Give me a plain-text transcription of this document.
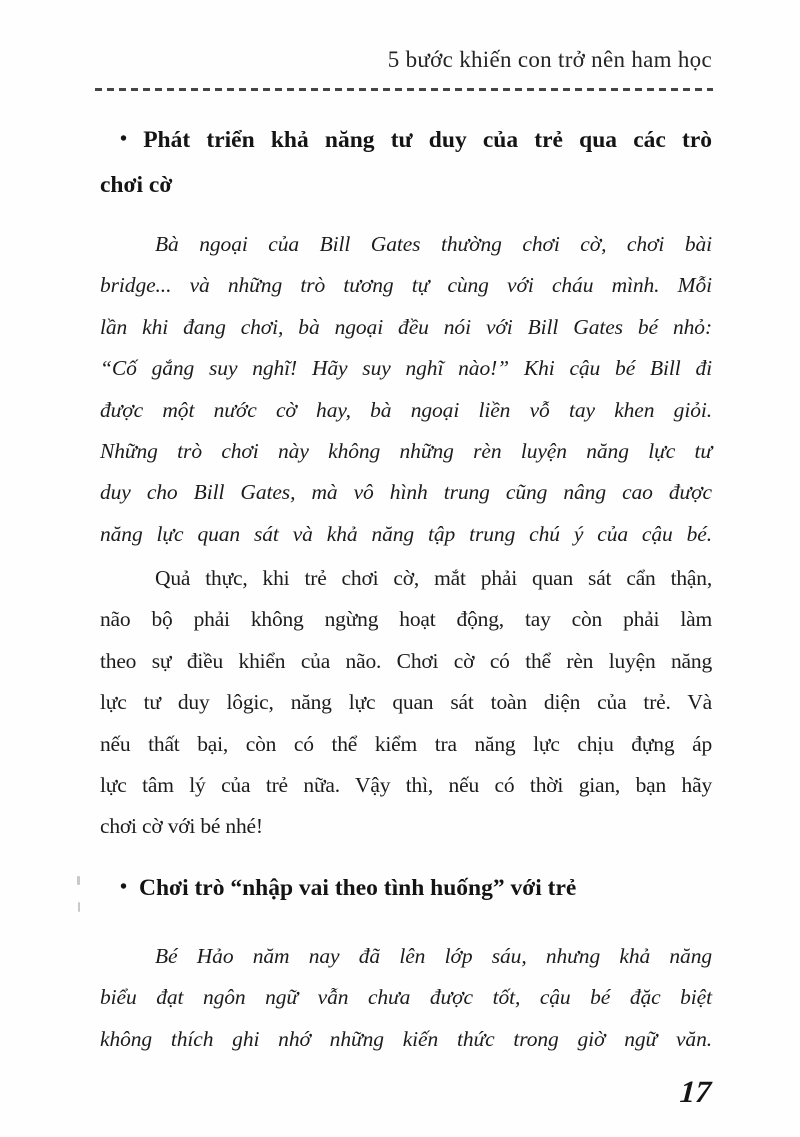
5 bước khiến con trở nên ham học
• Phát triển khả năng tư duy của trẻ qua các trò
chơi cờ
Bà ngoại của Bill Gates thường chơi cờ, chơi bài
bridge... và những trò tương tự cùng với cháu mình. Mỗi
lần khi đang chơi, bà ngoại đều nói với Bill Gates bé nhỏ:
“Cố gắng suy nghĩ! Hãy suy nghĩ nào!” Khi cậu bé Bill đi
được một nước cờ hay, bà ngoại liền vỗ tay khen giỏi.
Những trò chơi này không những rèn luyện năng lực tư
duy cho Bill Gates, mà vô hình trung cũng nâng cao được
năng lực quan sát và khả năng tập trung chú ý của cậu bé.
Quả thực, khi trẻ chơi cờ, mắt phải quan sát cẩn thận,
não bộ phải không ngừng hoạt động, tay còn phải làm
theo sự điều khiển của não. Chơi cờ có thể rèn luyện năng
lực tư duy lôgic, năng lực quan sát toàn diện của trẻ. Và
nếu thất bại, còn có thể kiểm tra năng lực chịu đựng áp
lực tâm lý của trẻ nữa. Vậy thì, nếu có thời gian, bạn hãy
chơi cờ với bé nhé!
• Chơi trò “nhập vai theo tình huống” với trẻ
Bé Hảo năm nay đã lên lớp sáu, nhưng khả năng
biểu đạt ngôn ngữ vẫn chưa được tốt, cậu bé đặc biệt
không thích ghi nhớ những kiến thức trong giờ ngữ văn.
17
